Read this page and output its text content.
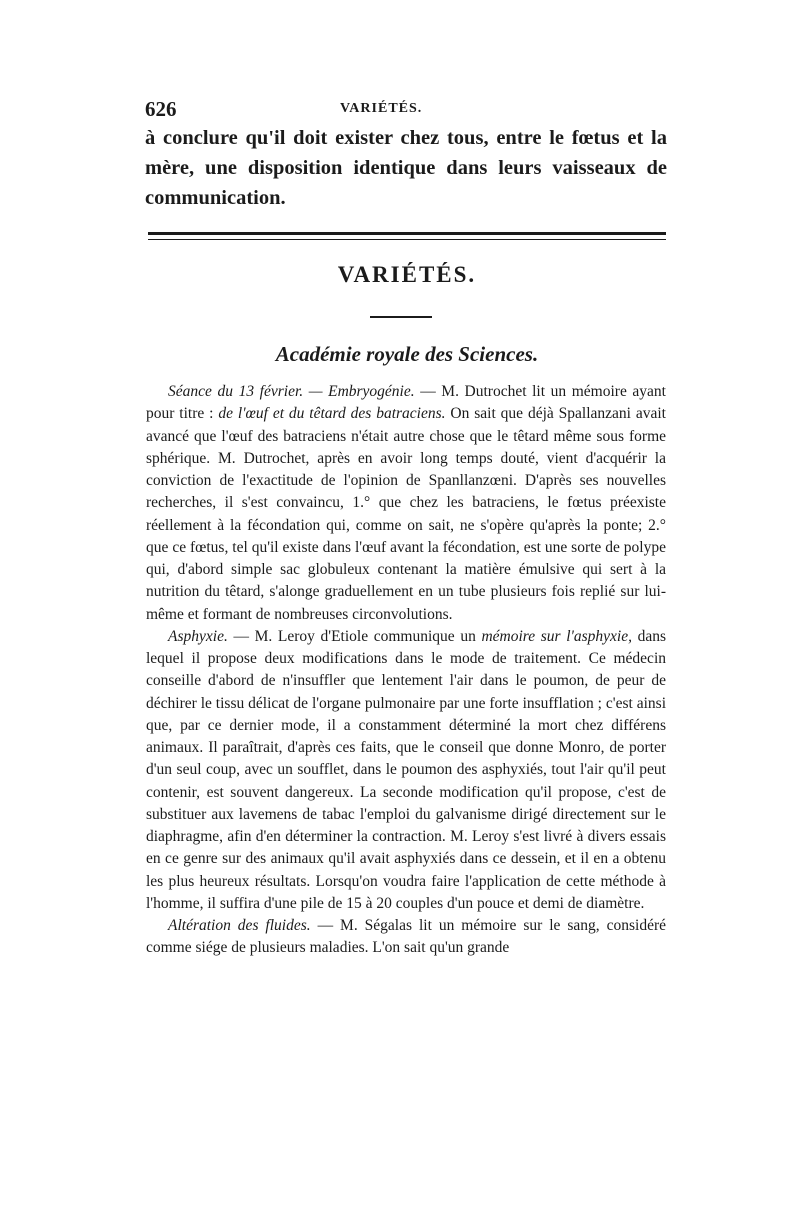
626	VARIÉTÉS.
à conclure qu'il doit exister chez tous, entre le fœtus et la mère, une disposition identique dans leurs vaisseaux de communication.
VARIÉTÉS.
Académie royale des Sciences.

Séance du 13 février. — Embryogénie. — M. Dutrochet lit un mémoire ayant pour titre : de l'œuf et du têtard des batraciens. On sait que déjà Spallanzani avait avancé que l'œuf des batraciens n'était autre chose que le têtard même sous forme sphérique. M. Dutrochet, après en avoir long temps douté, vient d'acquérir la conviction de l'exactitude de l'opinion de Spanllanzœni. D'après ses nouvelles recherches, il s'est convaincu, 1.° que chez les batraciens, le fœtus préexiste réellement à la fécondation qui, comme on sait, ne s'opère qu'après la ponte; 2.° que ce fœtus, tel qu'il existe dans l'œuf avant la fécondation, est une sorte de polype qui, d'abord simple sac globuleux contenant la matière émulsive qui sert à la nutrition du têtard, s'alonge graduellement en un tube plusieurs fois replié sur lui-même et formant de nombreuses circonvolutions.

Asphyxie. — M. Leroy d'Etiole communique un mémoire sur l'asphyxie, dans lequel il propose deux modifications dans le mode de traitement. Ce médecin conseille d'abord de n'insuffler que lentement l'air dans le poumon, de peur de déchirer le tissu délicat de l'organe pulmonaire par une forte insufflation ; c'est ainsi que, par ce dernier mode, il a constamment déterminé la mort chez différens animaux. Il paraîtrait, d'après ces faits, que le conseil que donne Monro, de porter d'un seul coup, avec un soufflet, dans le poumon des asphyxiés, tout l'air qu'il peut contenir, est souvent dangereux. La seconde modification qu'il propose, c'est de substituer aux lavemens de tabac l'emploi du galvanisme dirigé directement sur le diaphragme, afin d'en déterminer la contraction. M. Leroy s'est livré à divers essais en ce genre sur des animaux qu'il avait asphyxiés dans ce dessein, et il en a obtenu les plus heureux résultats. Lorsqu'on voudra faire l'application de cette méthode à l'homme, il suffira d'une pile de 15 à 20 couples d'un pouce et demi de diamètre.

Altération des fluides. — M. Ségalas lit un mémoire sur le sang, considéré comme siége de plusieurs maladies. L'on sait qu'un grande
